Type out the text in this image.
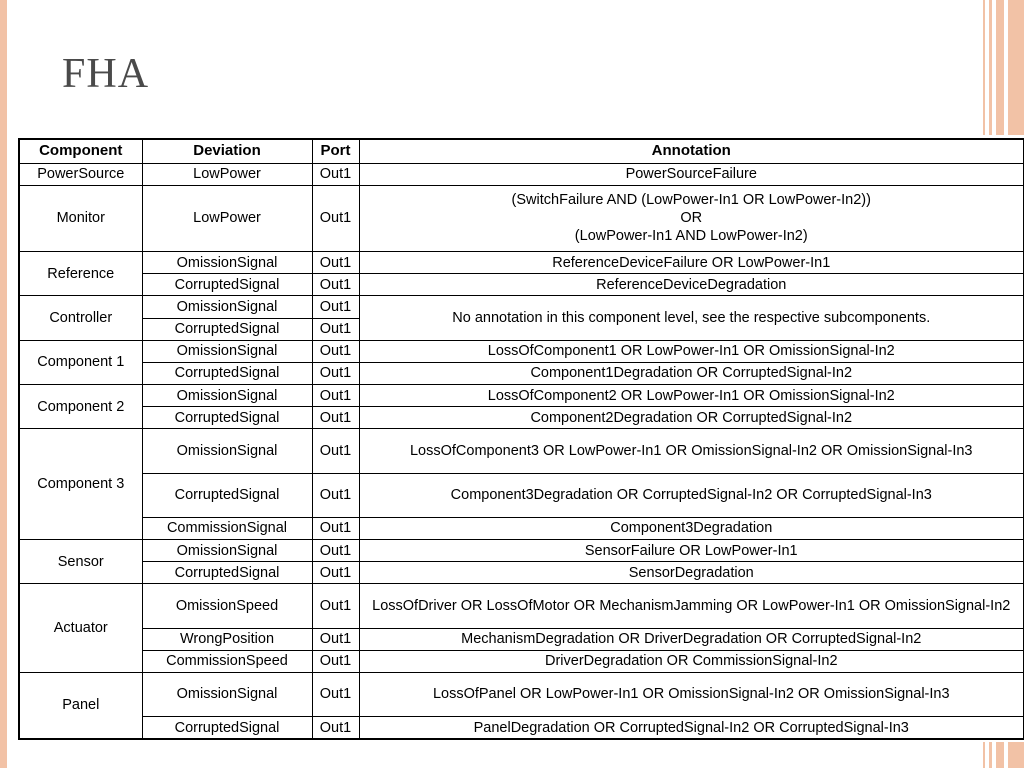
FHA
Component	Deviation	Port	Annotation
PowerSource	LowPower	Out1	PowerSourceFailure
Monitor	LowPower	Out1	(SwitchFailure AND (LowPower-In1 OR LowPower-In2))
OR
(LowPower-In1 AND LowPower-In2)
Reference	OmissionSignal	Out1	ReferenceDeviceFailure OR LowPower-In1
	CorruptedSignal	Out1	ReferenceDeviceDegradation
Controller	OmissionSignal	Out1	No annotation in this component level, see the respective subcomponents.
	CorruptedSignal	Out1	
Component 1	OmissionSignal	Out1	LossOfComponent1 OR LowPower-In1 OR OmissionSignal-In2
	CorruptedSignal	Out1	Component1Degradation OR CorruptedSignal-In2
Component 2	OmissionSignal	Out1	LossOfComponent2 OR LowPower-In1 OR OmissionSignal-In2
	CorruptedSignal	Out1	Component2Degradation OR CorruptedSignal-In2
Component 3	OmissionSignal	Out1	LossOfComponent3 OR LowPower-In1 OR OmissionSignal-In2 OR OmissionSignal-In3
	CorruptedSignal	Out1	Component3Degradation OR CorruptedSignal-In2 OR CorruptedSignal-In3
	CommissionSignal	Out1	Component3Degradation
Sensor	OmissionSignal	Out1	SensorFailure OR LowPower-In1
	CorruptedSignal	Out1	SensorDegradation
Actuator	OmissionSpeed	Out1	LossOfDriver OR LossOfMotor OR MechanismJamming OR LowPower-In1 OR OmissionSignal-In2
	WrongPosition	Out1	MechanismDegradation OR DriverDegradation OR CorruptedSignal-In2
	CommissionSpeed	Out1	DriverDegradation OR CommissionSignal-In2
Panel	OmissionSignal	Out1	LossOfPanel OR LowPower-In1 OR OmissionSignal-In2 OR OmissionSignal-In3
	CorruptedSignal	Out1	PanelDegradation OR CorruptedSignal-In2 OR CorruptedSignal-In3
